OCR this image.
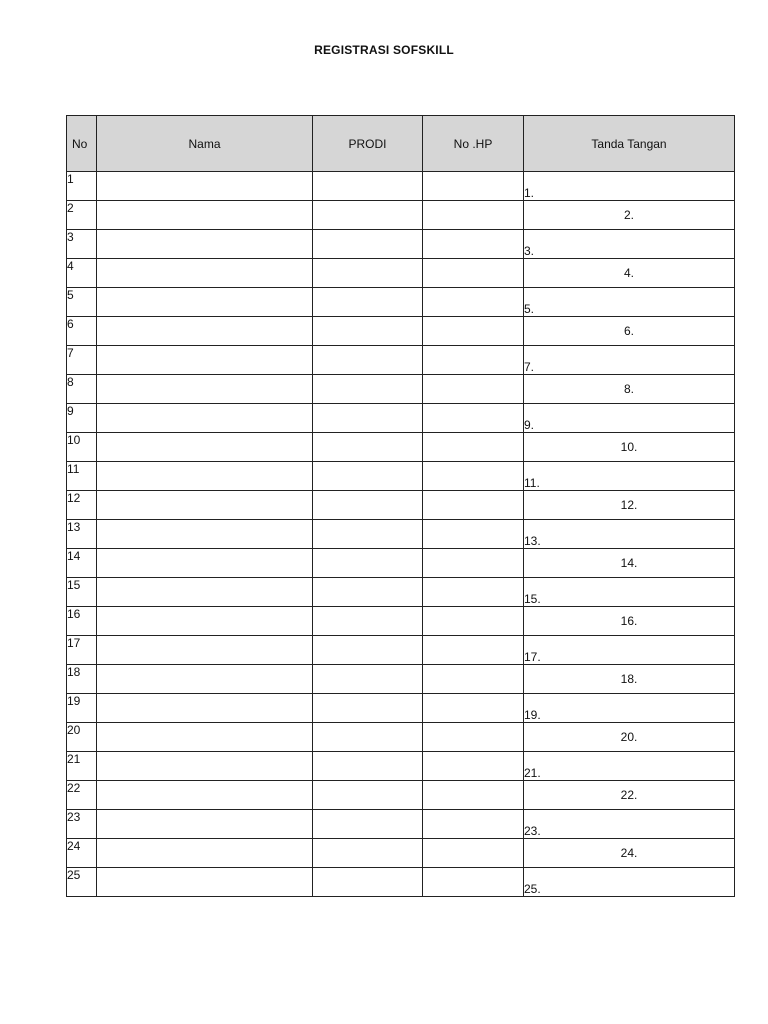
REGISTRASI SOFSKILL
No	Nama	PRODI	No .HP	Tanda Tangan
1				1.
2				2.
3				3.
4				4.
5				5.
6				6.
7				7.
8				8.
9				9.
10				10.
11				11.
12				12.
13				13.
14				14.
15				15.
16				16.
17				17.
18				18.
19				19.
20				20.
21				21.
22				22.
23				23.
24				24.
25				25.
